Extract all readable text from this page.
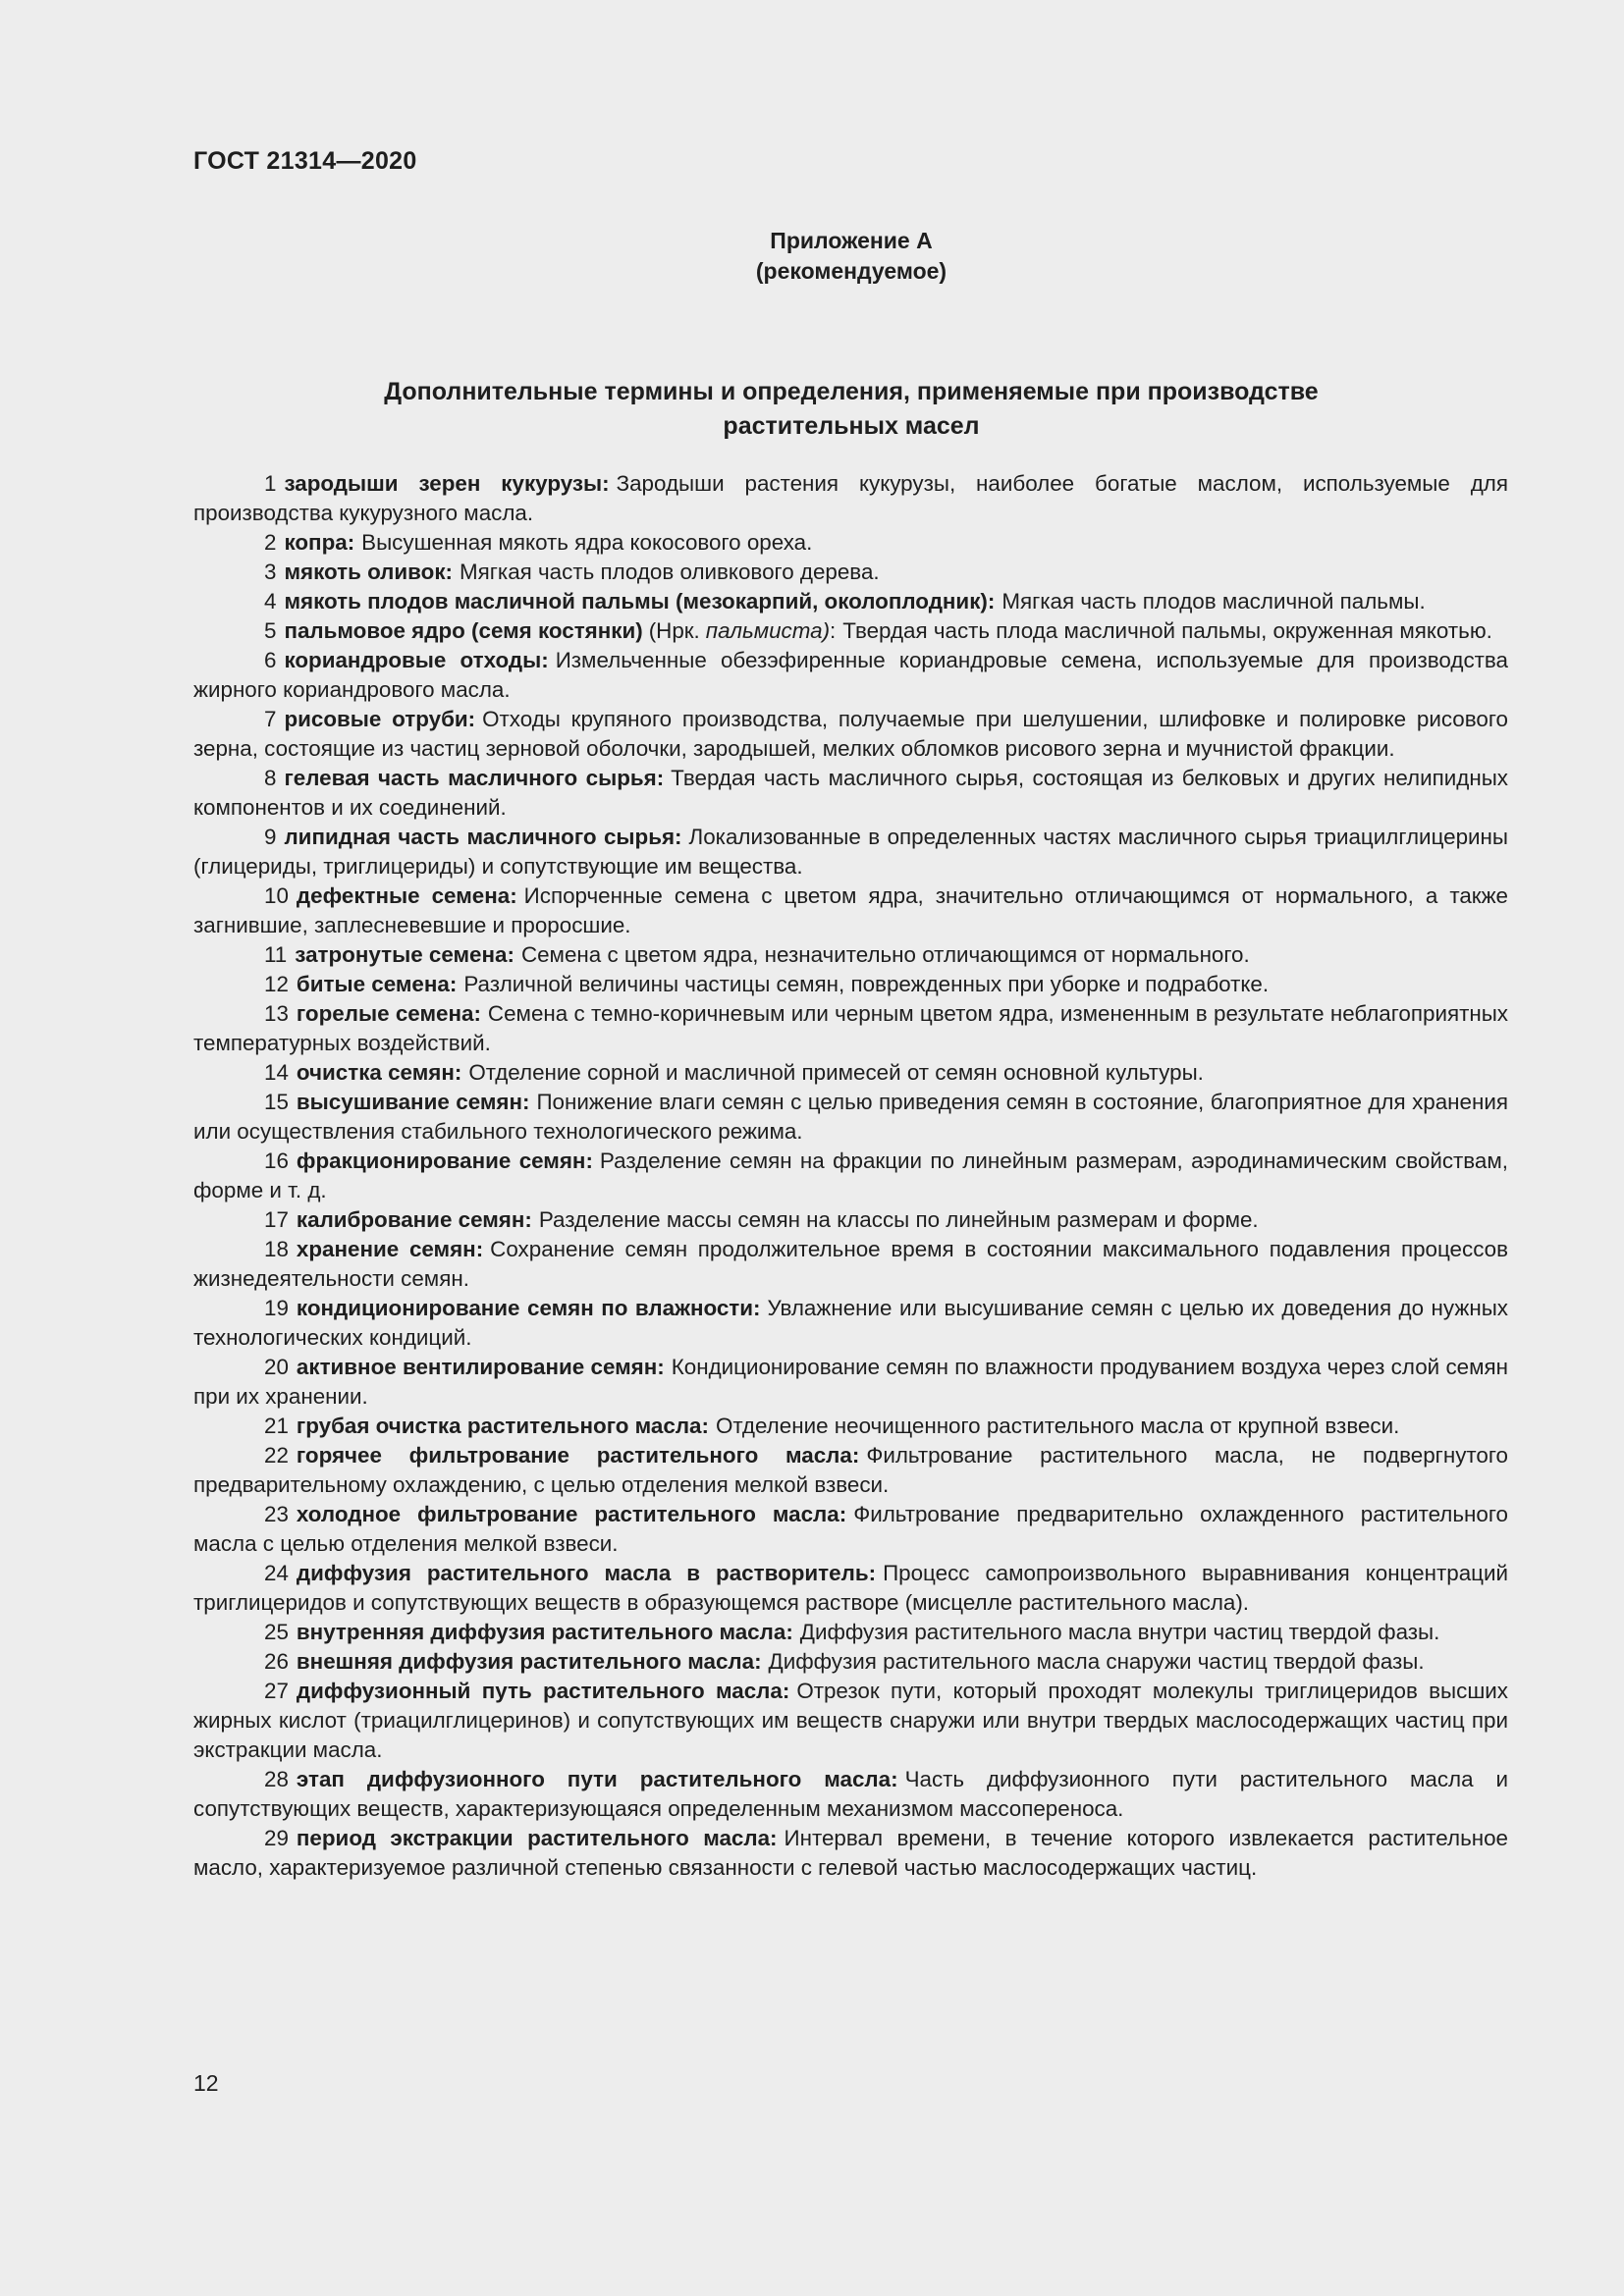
ГОСТ 21314—2020
Приложение А
(рекомендуемое)
Дополнительные термины и определения, применяемые при производстве
растительных масел

1 зародыши зерен кукурузы: Зародыши растения кукурузы, наиболее богатые маслом, используемые для производства кукурузного масла.

2 копра: Высушенная мякоть ядра кокосового ореха.

3 мякоть оливок: Мягкая часть плодов оливкового дерева.

4 мякоть плодов масличной пальмы (мезокарпий, околоплодник): Мягкая часть плодов масличной пальмы.

5 пальмовое ядро (семя костянки) (Нрк. пальмиста): Твердая часть плода масличной пальмы, окруженная мякотью.

6 кориандровые отходы: Измельченные обезэфиренные кориандровые семена, используемые для производства жирного кориандрового масла.

7 рисовые отруби: Отходы крупяного производства, получаемые при шелушении, шлифовке и полировке рисового зерна, состоящие из частиц зерновой оболочки, зародышей, мелких обломков рисового зерна и мучнистой фракции.

8 гелевая часть масличного сырья: Твердая часть масличного сырья, состоящая из белковых и других нелипидных компонентов и их соединений.

9 липидная часть масличного сырья: Локализованные в определенных частях масличного сырья триацилглицерины (глицериды, триглицериды) и сопутствующие им вещества.

10 дефектные семена: Испорченные семена с цветом ядра, значительно отличающимся от нормального, а также загнившие, заплесневевшие и проросшие.

11 затронутые семена: Семена с цветом ядра, незначительно отличающимся от нормального.

12 битые семена: Различной величины частицы семян, поврежденных при уборке и подработке.

13 горелые семена: Семена с темно-коричневым или черным цветом ядра, измененным в результате неблагоприятных температурных воздействий.

14 очистка семян: Отделение сорной и масличной примесей от семян основной культуры.

15 высушивание семян: Понижение влаги семян с целью приведения семян в состояние, благоприятное для хранения или осуществления стабильного технологического режима.

16 фракционирование семян: Разделение семян на фракции по линейным размерам, аэродинамическим свойствам, форме и т. д.

17 калибрование семян: Разделение массы семян на классы по линейным размерам и форме.

18 хранение семян: Сохранение семян продолжительное время в состоянии максимального подавления процессов жизнедеятельности семян.

19 кондиционирование семян по влажности: Увлажнение или высушивание семян с целью их доведения до нужных технологических кондиций.

20 активное вентилирование семян: Кондиционирование семян по влажности продуванием воздуха через слой семян при их хранении.

21 грубая очистка растительного масла: Отделение неочищенного растительного масла от крупной взвеси.

22 горячее фильтрование растительного масла: Фильтрование растительного масла, не подвергнутого предварительному охлаждению, с целью отделения мелкой взвеси.

23 холодное фильтрование растительного масла: Фильтрование предварительно охлажденного растительного масла с целью отделения мелкой взвеси.

24 диффузия растительного масла в растворитель: Процесс самопроизвольного выравнивания концентраций триглицеридов и сопутствующих веществ в образующемся растворе (мисцелле растительного масла).

25 внутренняя диффузия растительного масла: Диффузия растительного масла внутри частиц твердой фазы.

26 внешняя диффузия растительного масла: Диффузия растительного масла снаружи частиц твердой фазы.

27 диффузионный путь растительного масла: Отрезок пути, который проходят молекулы триглицеридов высших жирных кислот (триацилглицеринов) и сопутствующих им веществ снаружи или внутри твердых маслосодержащих частиц при экстракции масла.

28 этап диффузионного пути растительного масла: Часть диффузионного пути растительного масла и сопутствующих веществ, характеризующаяся определенным механизмом массопереноса.

29 период экстракции растительного масла: Интервал времени, в течение которого извлекается растительное масло, характеризуемое различной степенью связанности с гелевой частью маслосодержащих частиц.

12
